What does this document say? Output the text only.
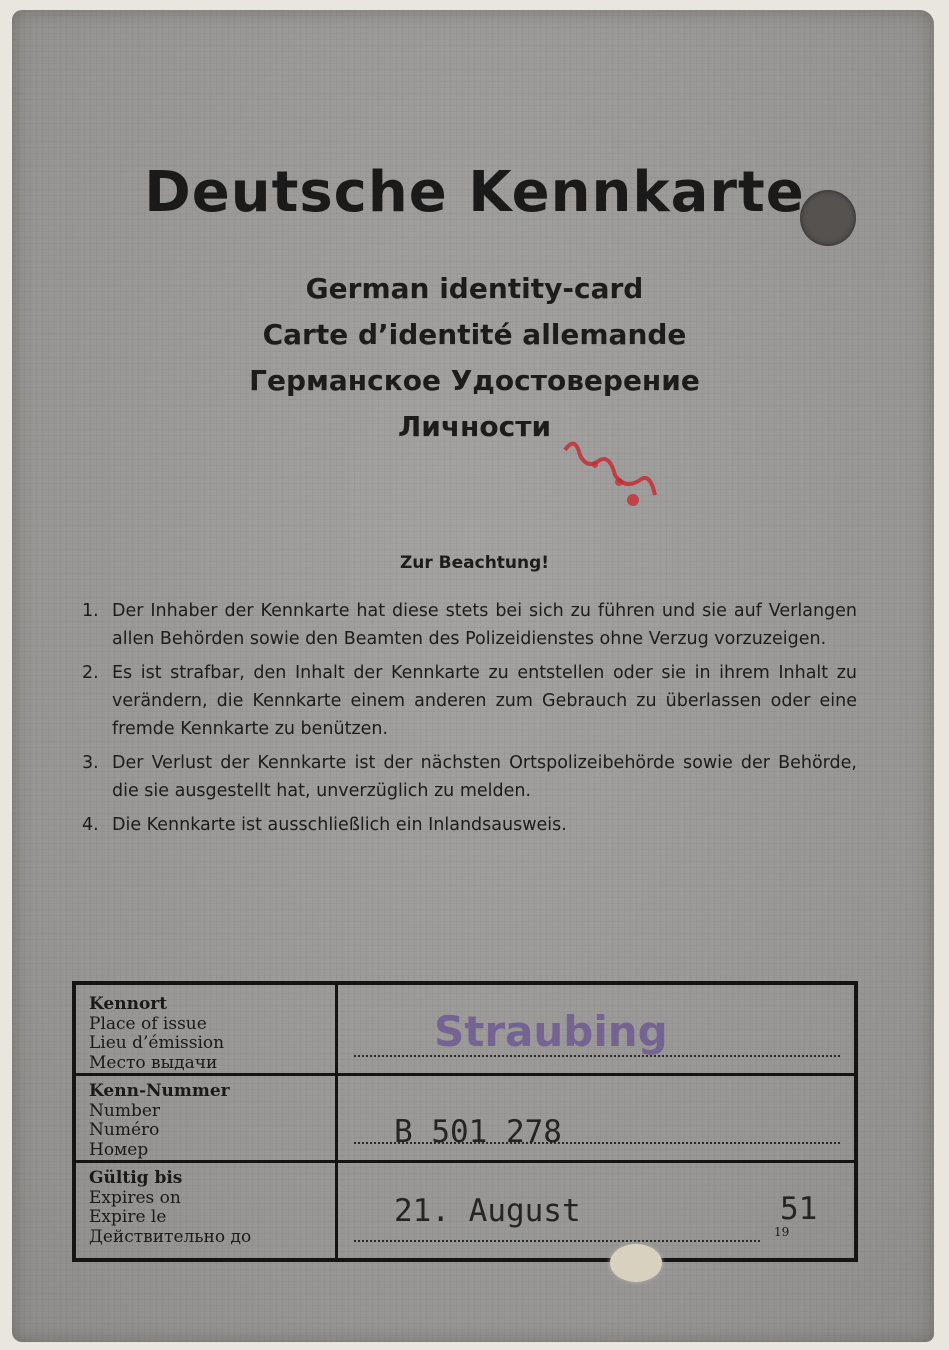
Deutsche Kennkarte
German identity-card
Carte d’identité allemande
Германское Удостоверение
Личности
Zur Beachtung!
1. Der Inhaber der Kennkarte hat diese stets bei sich zu führen und sie auf Verlangen allen Behörden sowie den Beamten des Polizeidienstes ohne Verzug vorzuzeigen.
2. Es ist strafbar, den Inhalt der Kennkarte zu entstellen oder sie in ihrem Inhalt zu verändern, die Kennkarte einem anderen zum Gebrauch zu überlassen oder eine fremde Kennkarte zu benützen.
3. Der Verlust der Kennkarte ist der nächsten Ortspolizeibehörde sowie der Behörde, die sie ausgestellt hat, unverzüglich zu melden.
4. Die Kennkarte ist ausschließlich ein Inlandsausweis.
Kennort
Place of issue
Lieu d’émission
Место выдачи
Straubing
Kenn-Nummer
Number
Numéro
Номер	B 501 278
Gültig bis
Expires on
Expire le
Действительно до
21. August
19
51
